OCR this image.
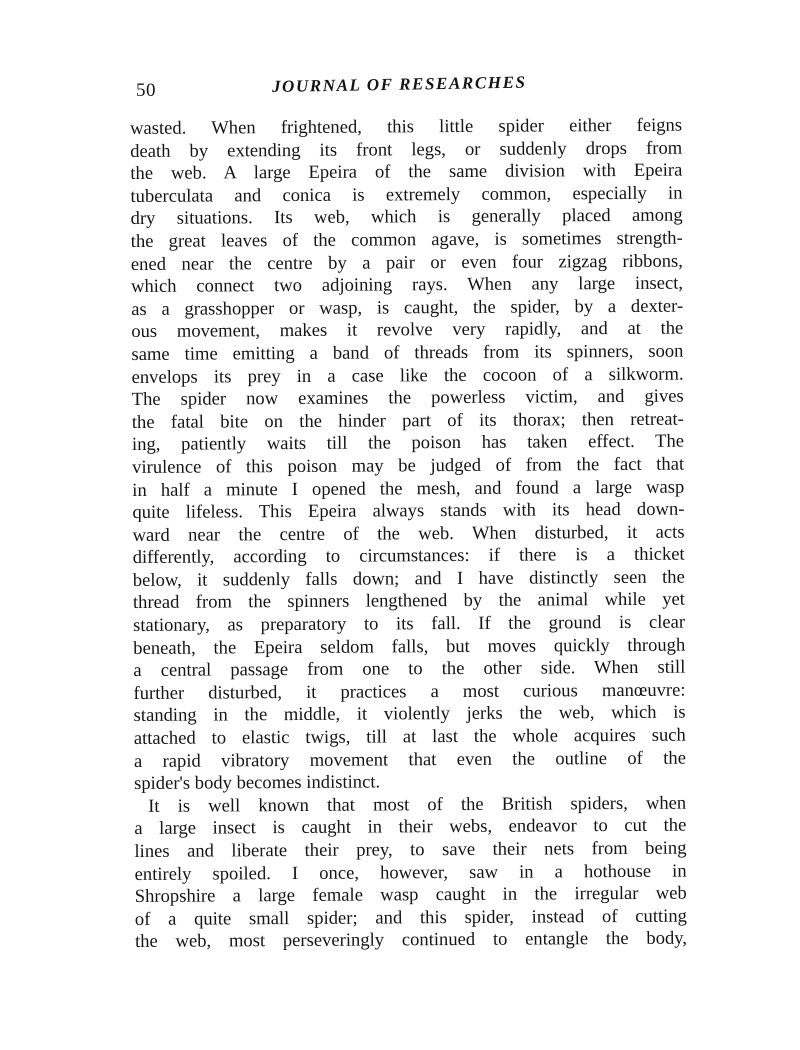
50	JOURNAL OF RESEARCHES
wasted. When frightened, this little spider either feigns
death by extending its front legs, or suddenly drops from
the web. A large Epeira of the same division with Epeira
tuberculata and conica is extremely common, especially in
dry situations. Its web, which is generally placed among
the great leaves of the common agave, is sometimes strength-
ened near the centre by a pair or even four zigzag ribbons,
which connect two adjoining rays. When any large insect,
as a grasshopper or wasp, is caught, the spider, by a dexter-
ous movement, makes it revolve very rapidly, and at the
same time emitting a band of threads from its spinners, soon
envelops its prey in a case like the cocoon of a silkworm.
The spider now examines the powerless victim, and gives
the fatal bite on the hinder part of its thorax; then retreat-
ing, patiently waits till the poison has taken effect. The
virulence of this poison may be judged of from the fact that
in half a minute I opened the mesh, and found a large wasp
quite lifeless. This Epeira always stands with its head down-
ward near the centre of the web. When disturbed, it acts
differently, according to circumstances: if there is a thicket
below, it suddenly falls down; and I have distinctly seen the
thread from the spinners lengthened by the animal while yet
stationary, as preparatory to its fall. If the ground is clear
beneath, the Epeira seldom falls, but moves quickly through
a central passage from one to the other side. When still
further disturbed, it practices a most curious manœuvre:
standing in the middle, it violently jerks the web, which is
attached to elastic twigs, till at last the whole acquires such
a rapid vibratory movement that even the outline of the
spider's body becomes indistinct.
It is well known that most of the British spiders, when
a large insect is caught in their webs, endeavor to cut the
lines and liberate their prey, to save their nets from being
entirely spoiled. I once, however, saw in a hothouse in
Shropshire a large female wasp caught in the irregular web
of a quite small spider; and this spider, instead of cutting
the web, most perseveringly continued to entangle the body,
